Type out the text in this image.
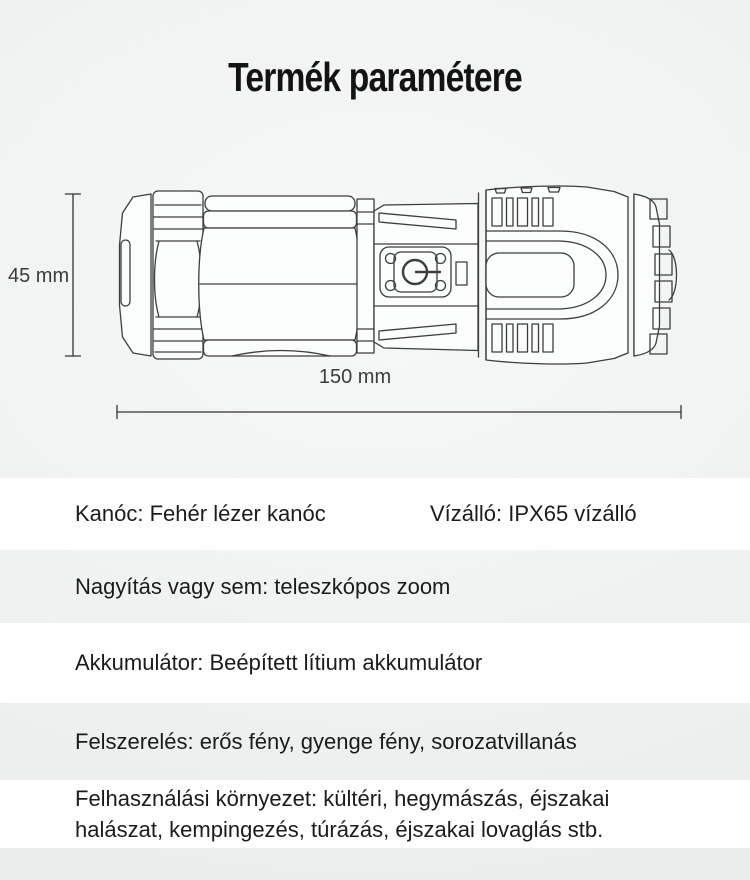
Termék paramétere
45 mm
150 mm
Kanóc: Fehér lézer kanóc	Vízálló: IPX65 vízálló
Nagyítás vagy sem: teleszkópos zoom
Akkumulátor: Beépített lítium akkumulátor
Felszerelés: erős fény, gyenge fény, sorozatvillanás
Felhasználási környezet: kültéri, hegymászás, éjszakai
halászat, kempingezés, túrázás, éjszakai lovaglás stb.
